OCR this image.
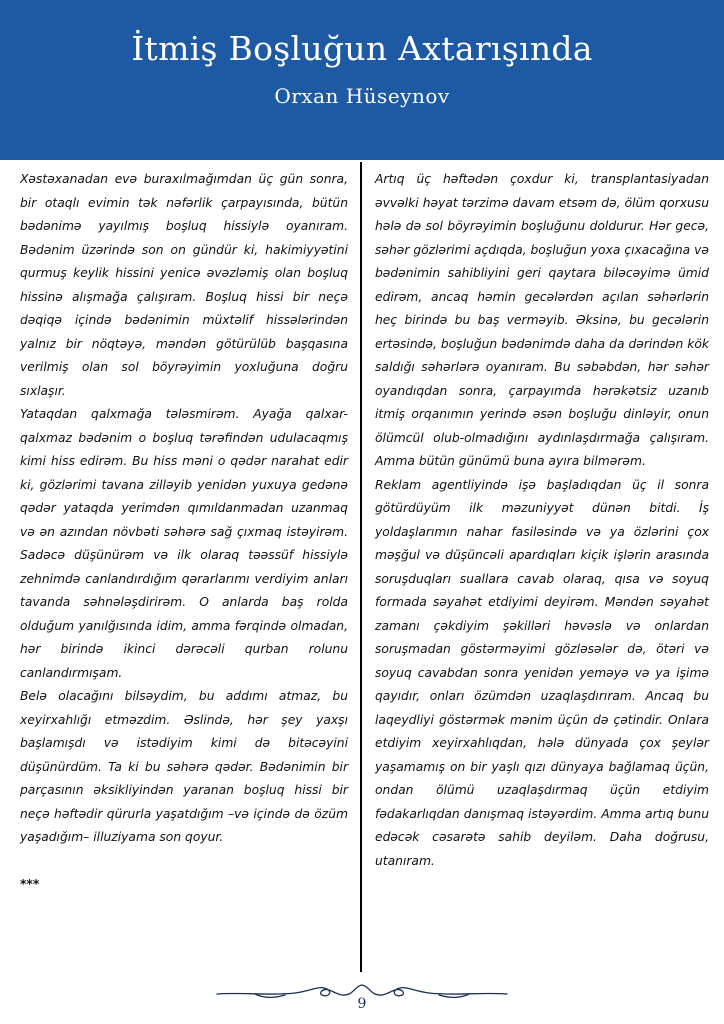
İtmiş Boşluğun Axtarışında
Orxan Hüseynov

Xəstəxanadan evə buraxılmağımdan üç gün sonra, bir otaqlı evimin tək nəfərlik çarpayısında, bütün bədənimə yayılmış boşluq hissiylə oyanıram. Bədənim üzərində son on gündür ki, hakimiyyətini qurmuş keylik hissini yenicə əvəzləmiş olan boşluq hissinə alışmağa çalışıram. Boşluq hissi bir neçə dəqiqə içində bədənimin müxtəlif hissələrindən yalnız bir nöqtəyə, məndən götürülüb başqasına verilmiş olan sol böyrəyimin yoxluğuna doğru sıxlaşır.

Yataqdan qalxmağa tələsmirəm. Ayağa qalxar-qalxmaz bədənim o boşluq tərəfindən udulacaqmış kimi hiss edirəm. Bu hiss məni o qədər narahat edir ki, gözlərimi tavana zilləyib yenidən yuxuya gedənə qədər yataqda yerimdən qımıldanmadan uzanmaq və ən azından növbəti səhərə sağ çıxmaq istəyirəm. Sadəcə düşünürəm və ilk olaraq təəssüf hissiylə zehnimdə canlandırdığım qərarlarımı verdiyim anları tavanda səhnələşdirirəm. O anlarda baş rolda olduğum yanılğısında idim, amma fərqində olmadan, hər birində ikinci dərəcəli qurban rolunu canlandırmışam.

Belə olacağını bilsəydim, bu addımı atmaz, bu xeyirxahlığı etməzdim. Əslində, hər şey yaxşı başlamışdı və istədiyim kimi də bitəcəyini düşünürdüm. Ta ki bu səhərə qədər. Bədənimin bir parçasının əksikliyindən yaranan boşluq hissi bir neçə həftədir qürurla yaşatdığım –və içində də özüm yaşadığım– illuziyama son qoyur.

***

Artıq üç həftədən çoxdur ki, transplantasiyadan əvvəlki həyat tərzimə davam etsəm də, ölüm qorxusu hələ də sol böyrəyimin boşluğunu doldurur. Hər gecə, səhər gözlərimi açdıqda, boşluğun yoxa çıxacağına və bədənimin sahibliyini geri qaytara biləcəyimə ümid edirəm, ancaq həmin gecələrdən açılan səhərlərin heç birində bu baş verməyib. Əksinə, bu gecələrin ertəsində, boşluğun bədənimdə daha da dərindən kök saldığı səhərlərə oyanıram. Bu səbəbdən, hər səhər oyandıqdan sonra, çarpayımda hərəkətsiz uzanıb itmiş orqanımın yerində əsən boşluğu dinləyir, onun ölümcül olub-olmadığını aydınlaşdırmağa çalışıram. Amma bütün günümü buna ayıra bilmərəm.

Reklam agentliyində işə başladıqdan üç il sonra götürdüyüm ilk məzuniyyət dünən bitdi. İş yoldaşlarımın nahar fasiləsində və ya özlərini çox məşğul və düşüncəli apardıqları kiçik işlərin arasında soruşduqları suallara cavab olaraq, qısa və soyuq formada səyahət etdiyimi deyirəm. Məndən səyahət zamanı çəkdiyim şəkilləri həvəslə və onlardan soruşmadan göstərməyimi gözləsələr də, ötəri və soyuq cavabdan sonra yenidən yeməyə və ya işimə qayıdır, onları özümdən uzaqlaşdırıram. Ancaq bu laqeydliyi göstərmək mənim üçün də çətindir. Onlara etdiyim xeyirxahlıqdan, hələ dünyada çox şeylər yaşamamış on bir yaşlı qızı dünyaya bağlamaq üçün, ondan ölümü uzaqlaşdırmaq üçün etdiyim fədakarlıqdan danışmaq istəyərdim. Amma artıq bunu edəcək cəsarətə sahib deyiləm. Daha doğrusu, utanıram.

9
